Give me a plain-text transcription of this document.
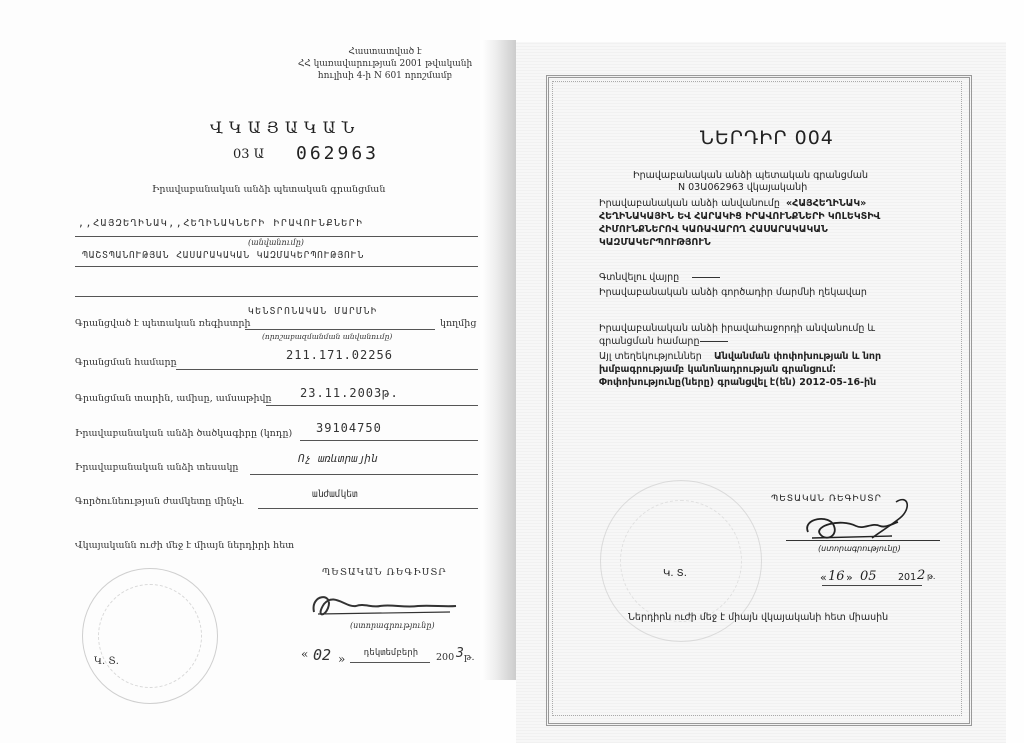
Հաստատված է
ՀՀ կառավարության 2001 թվականի
հուլիսի 4-ի N 601 որոշմամբ
ՎԿԱՅԱԿԱՆ
03 Ա 062963
Իրավաբանական անձի պետական գրանցման
,,ՀԱՅԶԵՂԻՆԱԿ,,ՀԵՂԻՆԱԿՆԵՐԻ ԻՐԱՎՈՒՆՔՆԵՐԻ
(անվանումը)
ՊԱՇՏՊԱՆՈՒԹՅԱՆ ՀԱՍԱՐԱԿԱԿԱՆ ԿԱԶՄԱԿԵՐՊՈՒԹՅՈՒՆ
ԿԵՆՏՐՈՆԱԿԱՆ ՄԱՐՄՆԻ
Գրանցված է պետական ռեգիստրի	կողմից
(որոշաբազմանման անվանումը)
Գրանցման համարը
211.171.02256
Գրանցման տարին, ամիսը, ամսաթիվը 23.11.2003թ.
Իրավաբանական անձի ծածկագիրը (կոդը) 39104750
Իրավաբանական անձի տեսակը
Ոչ առևտրային
Գործունեության ժամկետը մինչև
անժամկետ
Վկայականն ուժի մեջ է միայն ներդիրի հետ
ՊԵՏԱԿԱՆ ՌԵԳԻՍՏՐ
(ստորագրությունը)
Կ. Տ.
« 02 » դեկտեմբերի 200 3 թ.
ՆԵՐԴԻՐ 004
Իրավաբանական անձի պետական գրանցման
N 03Ա062963 վկայականի
Իրավաբանական անձի անվանումը «ՀԱՅՀԵՂԻՆԱԿ»
ՀԵՂԻՆԱԿԱՅԻՆ ԵՎ ՀԱՐԱԿԻՑ ԻՐԱՎՈՒՆՔՆԵՐԻ ԿՈԼԵԿՏԻՎ
ՀԻՄՈՒՆՔՆԵՐՈՎ ԿԱՌԱՎԱՐՈՂ ՀԱՍԱՐԱԿԱԿԱՆ
ԿԱԶՄԱԿԵՐՊՈՒԹՅՈՒՆ
Գտնվելու վայրը
Իրավաբանական անձի գործադիր մարմնի ղեկավար
Իրավաբանական անձի իրավահաջորդի անվանումը և
գրանցման համարը
Այլ տեղեկություններ Անվանման փոփոխության և նոր
խմբագրությամբ կանոնադրության գրանցում:
Փոփոխությունը(ները) գրանցվել է(են) 2012-05-16-ին
Կ. Տ.
ՊԵՏԱԿԱՆ ՌԵԳԻՍՏՐ
(ստորագրությունը)
« 16 » 05 201 2 թ.
Ներդիրն ուժի մեջ է միայն վկայականի հետ միասին
